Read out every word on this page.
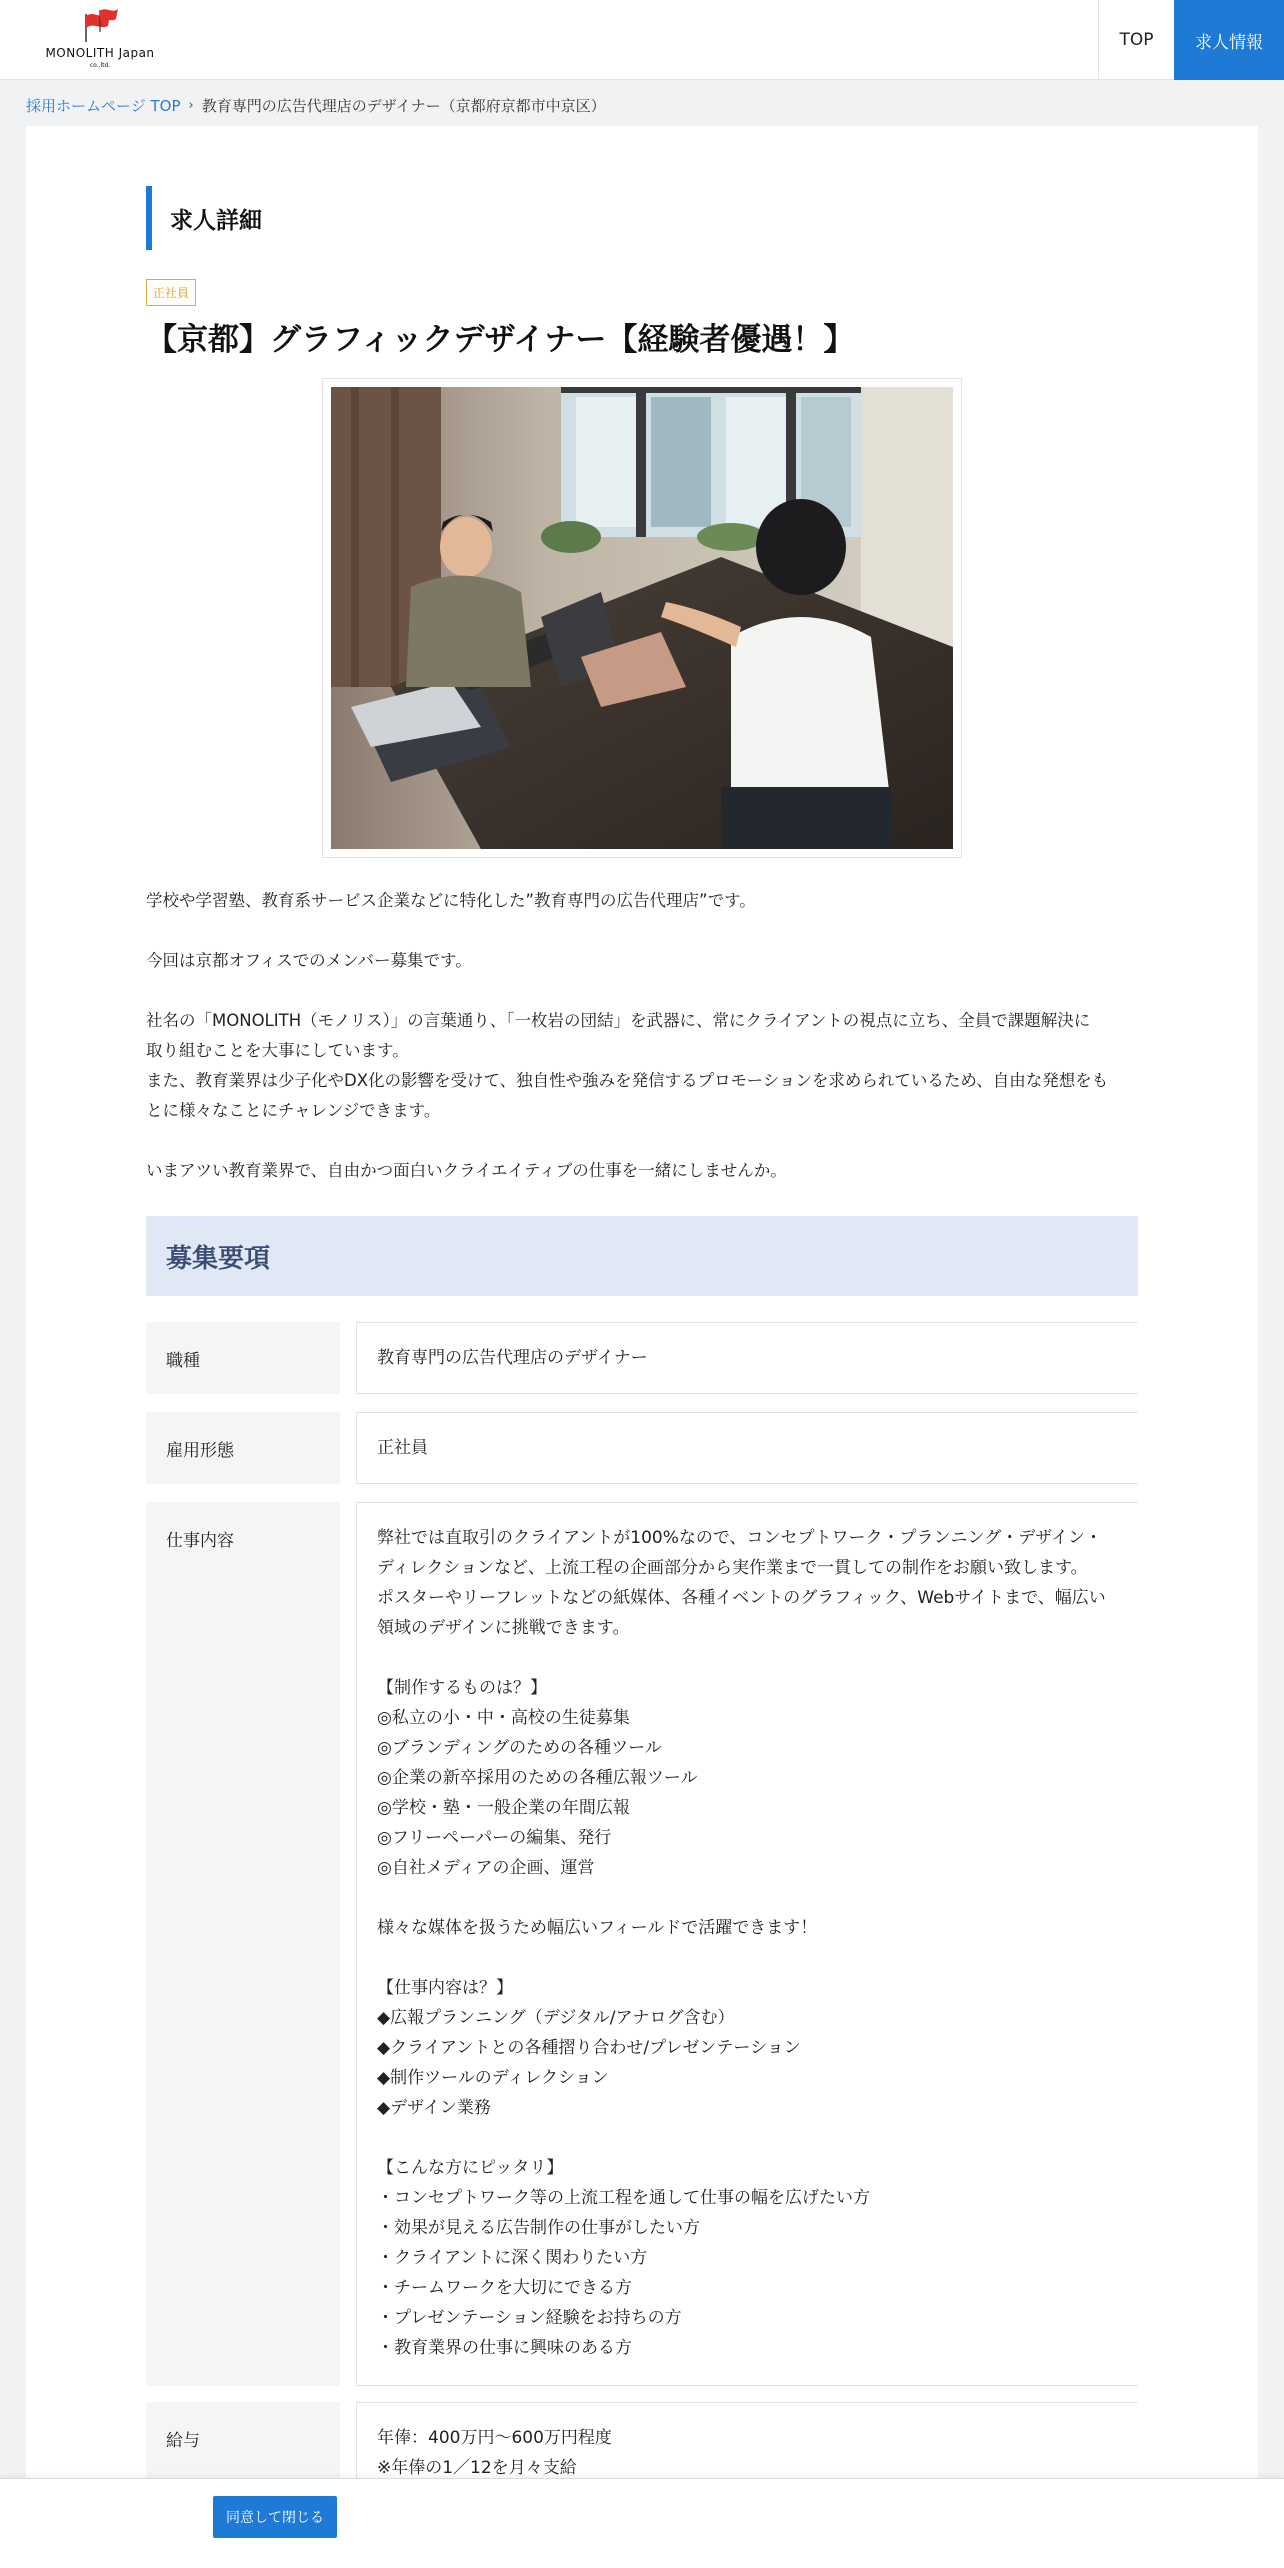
MONOLITH Japan
co.,ltd.
TOP	求人情報
採用ホームページ TOP › 教育専門の広告代理店のデザイナー（京都府京都市中京区）
求人詳細
正社員
【京都】グラフィックデザイナー【経験者優遇！】

学校や学習塾、教育系サービス企業などに特化した”教育専門の広告代理店”です。

今回は京都オフィスでのメンバー募集です。

社名の「MONOLITH（モノリス）」の言葉通り、「一枚岩の団結」を武器に、常にクライアントの視点に立ち、全員で課題解決に

取り組むことを大事にしています。

また、教育業界は少子化やDX化の影響を受けて、独自性や強みを発信するプロモーションを求められているため、自由な発想をも

とに様々なことにチャレンジできます。

いまアツい教育業界で、自由かつ面白いクライエイティブの仕事を一緒にしませんか。

募集要項
職種	教育専門の広告代理店のデザイナー
雇用形態	正社員
仕事内容	弊社では直取引のクライアントが100%なので、コンセプトワーク・プランニング・デザイン・
ディレクションなど、上流工程の企画部分から実作業まで一貫しての制作をお願い致します。
ポスターやリーフレットなどの紙媒体、各種イベントのグラフィック、Webサイトまで、幅広い
領域のデザインに挑戦できます。
【制作するものは？】
◎私立の小・中・高校の生徒募集
◎ブランディングのための各種ツール
◎企業の新卒採用のための各種広報ツール
◎学校・塾・一般企業の年間広報
◎フリーペーパーの編集、発行
◎自社メディアの企画、運営
様々な媒体を扱うため幅広いフィールドで活躍できます！
【仕事内容は？】
◆広報プランニング（デジタル/アナログ含む）
◆クライアントとの各種摺り合わせ/プレゼンテーション
◆制作ツールのディレクション
◆デザイン業務
【こんな方にピッタリ】
・コンセプトワーク等の上流工程を通して仕事の幅を広げたい方
・効果が見える広告制作の仕事がしたい方
・クライアントに深く関わりたい方
・チームワークを大切にできる方
・プレゼンテーション経験をお持ちの方
・教育業界の仕事に興味のある方
給与	年俸：400万円～600万円程度
※年俸の1／12を月々支給
同意して閉じる
